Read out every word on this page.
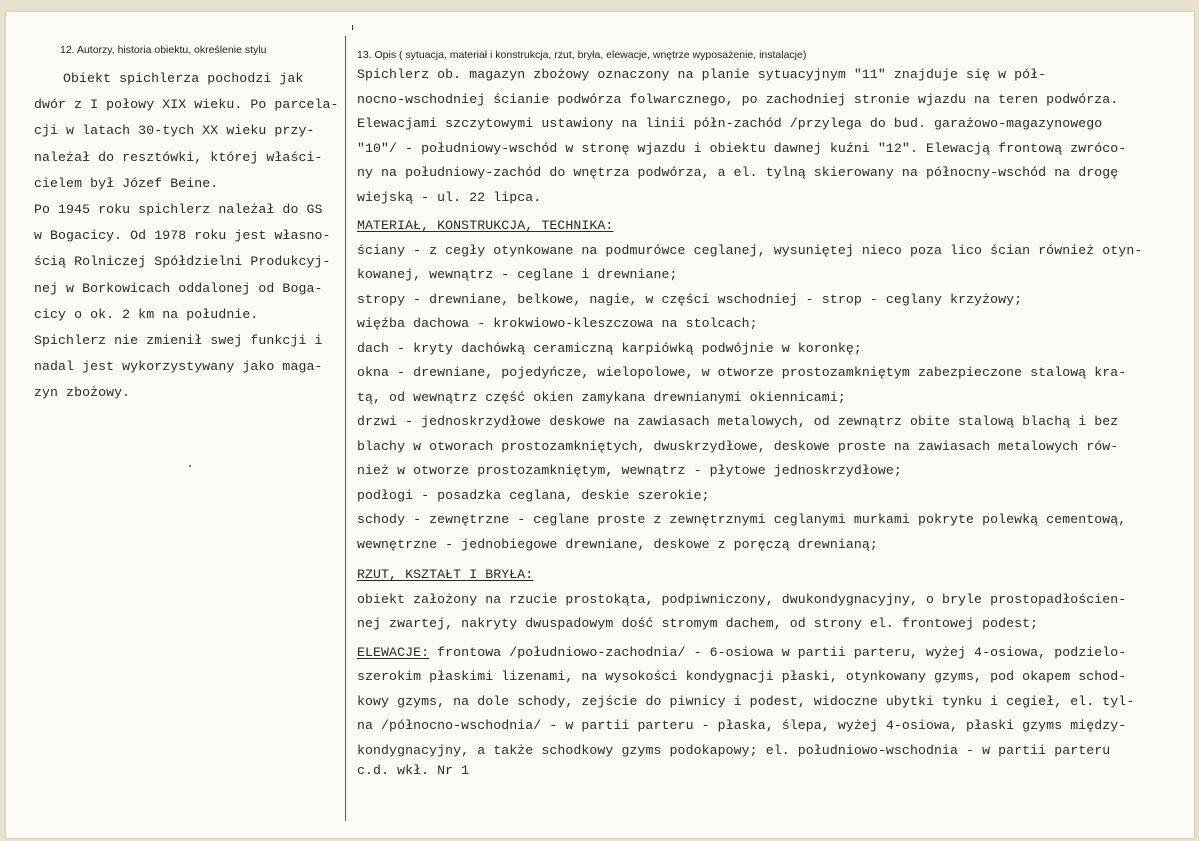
12. Autorzy, historia obiektu, określenie stylu	13. Opis ( sytuacja, materiał i konstrukcja, rzut, bryła, elewacje, wnętrze wyposażenie, instalacje)
Obiekt spichlerza pochodzi jak
dwór z I połowy XIX wieku. Po parcela-
cji w latach 30-tych XX wieku przy-
należał do resztówki, której właści-
cielem był Józef Beine.
Po 1945 roku spichlerz należał do GS
w Bogacicy. Od 1978 roku jest własno-
ścią Rolniczej Spółdzielni Produkcyj-
nej w Borkowicach oddalonej od Boga-
cicy o ok. 2 km na południe.
Spichlerz nie zmienił swej funkcji i
nadal jest wykorzystywany jako maga-
zyn zbożowy.
Spichlerz ob. magazyn zbożowy oznaczony na planie sytuacyjnym "11" znajduje się w pół-
nocno-wschodniej ścianie podwórza folwarcznego, po zachodniej stronie wjazdu na teren podwórza.
Elewacjami szczytowymi ustawiony na linii półn-zachód /przylega do bud. garażowo-magazynowego
"10"/ - południowy-wschód w stronę wjazdu i obiektu dawnej kuźni "12". Elewacją frontową zwróco-
ny na południowy-zachód do wnętrza podwórza, a el. tylną skierowany na północny-wschód na drogę
wiejską - ul. 22 lipca.
MATERIAŁ, KONSTRUKCJA, TECHNIKA:
ściany - z cegły otynkowane na podmurówce ceglanej, wysuniętej nieco poza lico ścian również otyn-
kowanej, wewnątrz - ceglane i drewniane;
stropy - drewniane, belkowe, nagie, w części wschodniej - strop - ceglany krzyżowy;
więźba dachowa - krokwiowo-kleszczowa na stolcach;
dach - kryty dachówką ceramiczną karpiówką podwójnie w koronkę;
okna - drewniane, pojedyńcze, wielopolowe, w otworze prostozamkniętym zabezpieczone stalową kra-
tą, od wewnątrz część okien zamykana drewnianymi okiennicami;
drzwi - jednoskrzydłowe deskowe na zawiasach metalowych, od zewnątrz obite stalową blachą i bez
blachy w otworach prostozamkniętych, dwuskrzydłowe, deskowe proste na zawiasach metalowych rów-
nież w otworze prostozamkniętym, wewnątrz - płytowe jednoskrzydłowe;
podłogi - posadzka ceglana, deskie szerokie;
schody - zewnętrzne - ceglane proste z zewnętrznymi ceglanymi murkami pokryte polewką cementową,
wewnętrzne - jednobiegowe drewniane, deskowe z poręczą drewnianą;
RZUT, KSZTAŁT I BRYŁA:
obiekt założony na rzucie prostokąta, podpiwniczony, dwukondygnacyjny, o bryle prostopadłościen-
nej zwartej, nakryty dwuspadowym dość stromym dachem, od strony el. frontowej podest;
ELEWACJE: frontowa /południowo-zachodnia/ - 6-osiowa w partii parteru, wyżej 4-osiowa, podzielo-
szerokim płaskimi lizenami, na wysokości kondygnacji płaski, otynkowany gzyms, pod okapem schod-
kowy gzyms, na dole schody, zejście do piwnicy i podest, widoczne ubytki tynku i cegieł, el. tyl-
na /północno-wschodnia/ - w partii parteru - płaska, ślepa, wyżej 4-osiowa, płaski gzyms między-
kondygnacyjny, a także schodkowy gzyms podokapowy; el. południowo-wschodnia - w partii parteru
c.d. wkł. Nr 1
